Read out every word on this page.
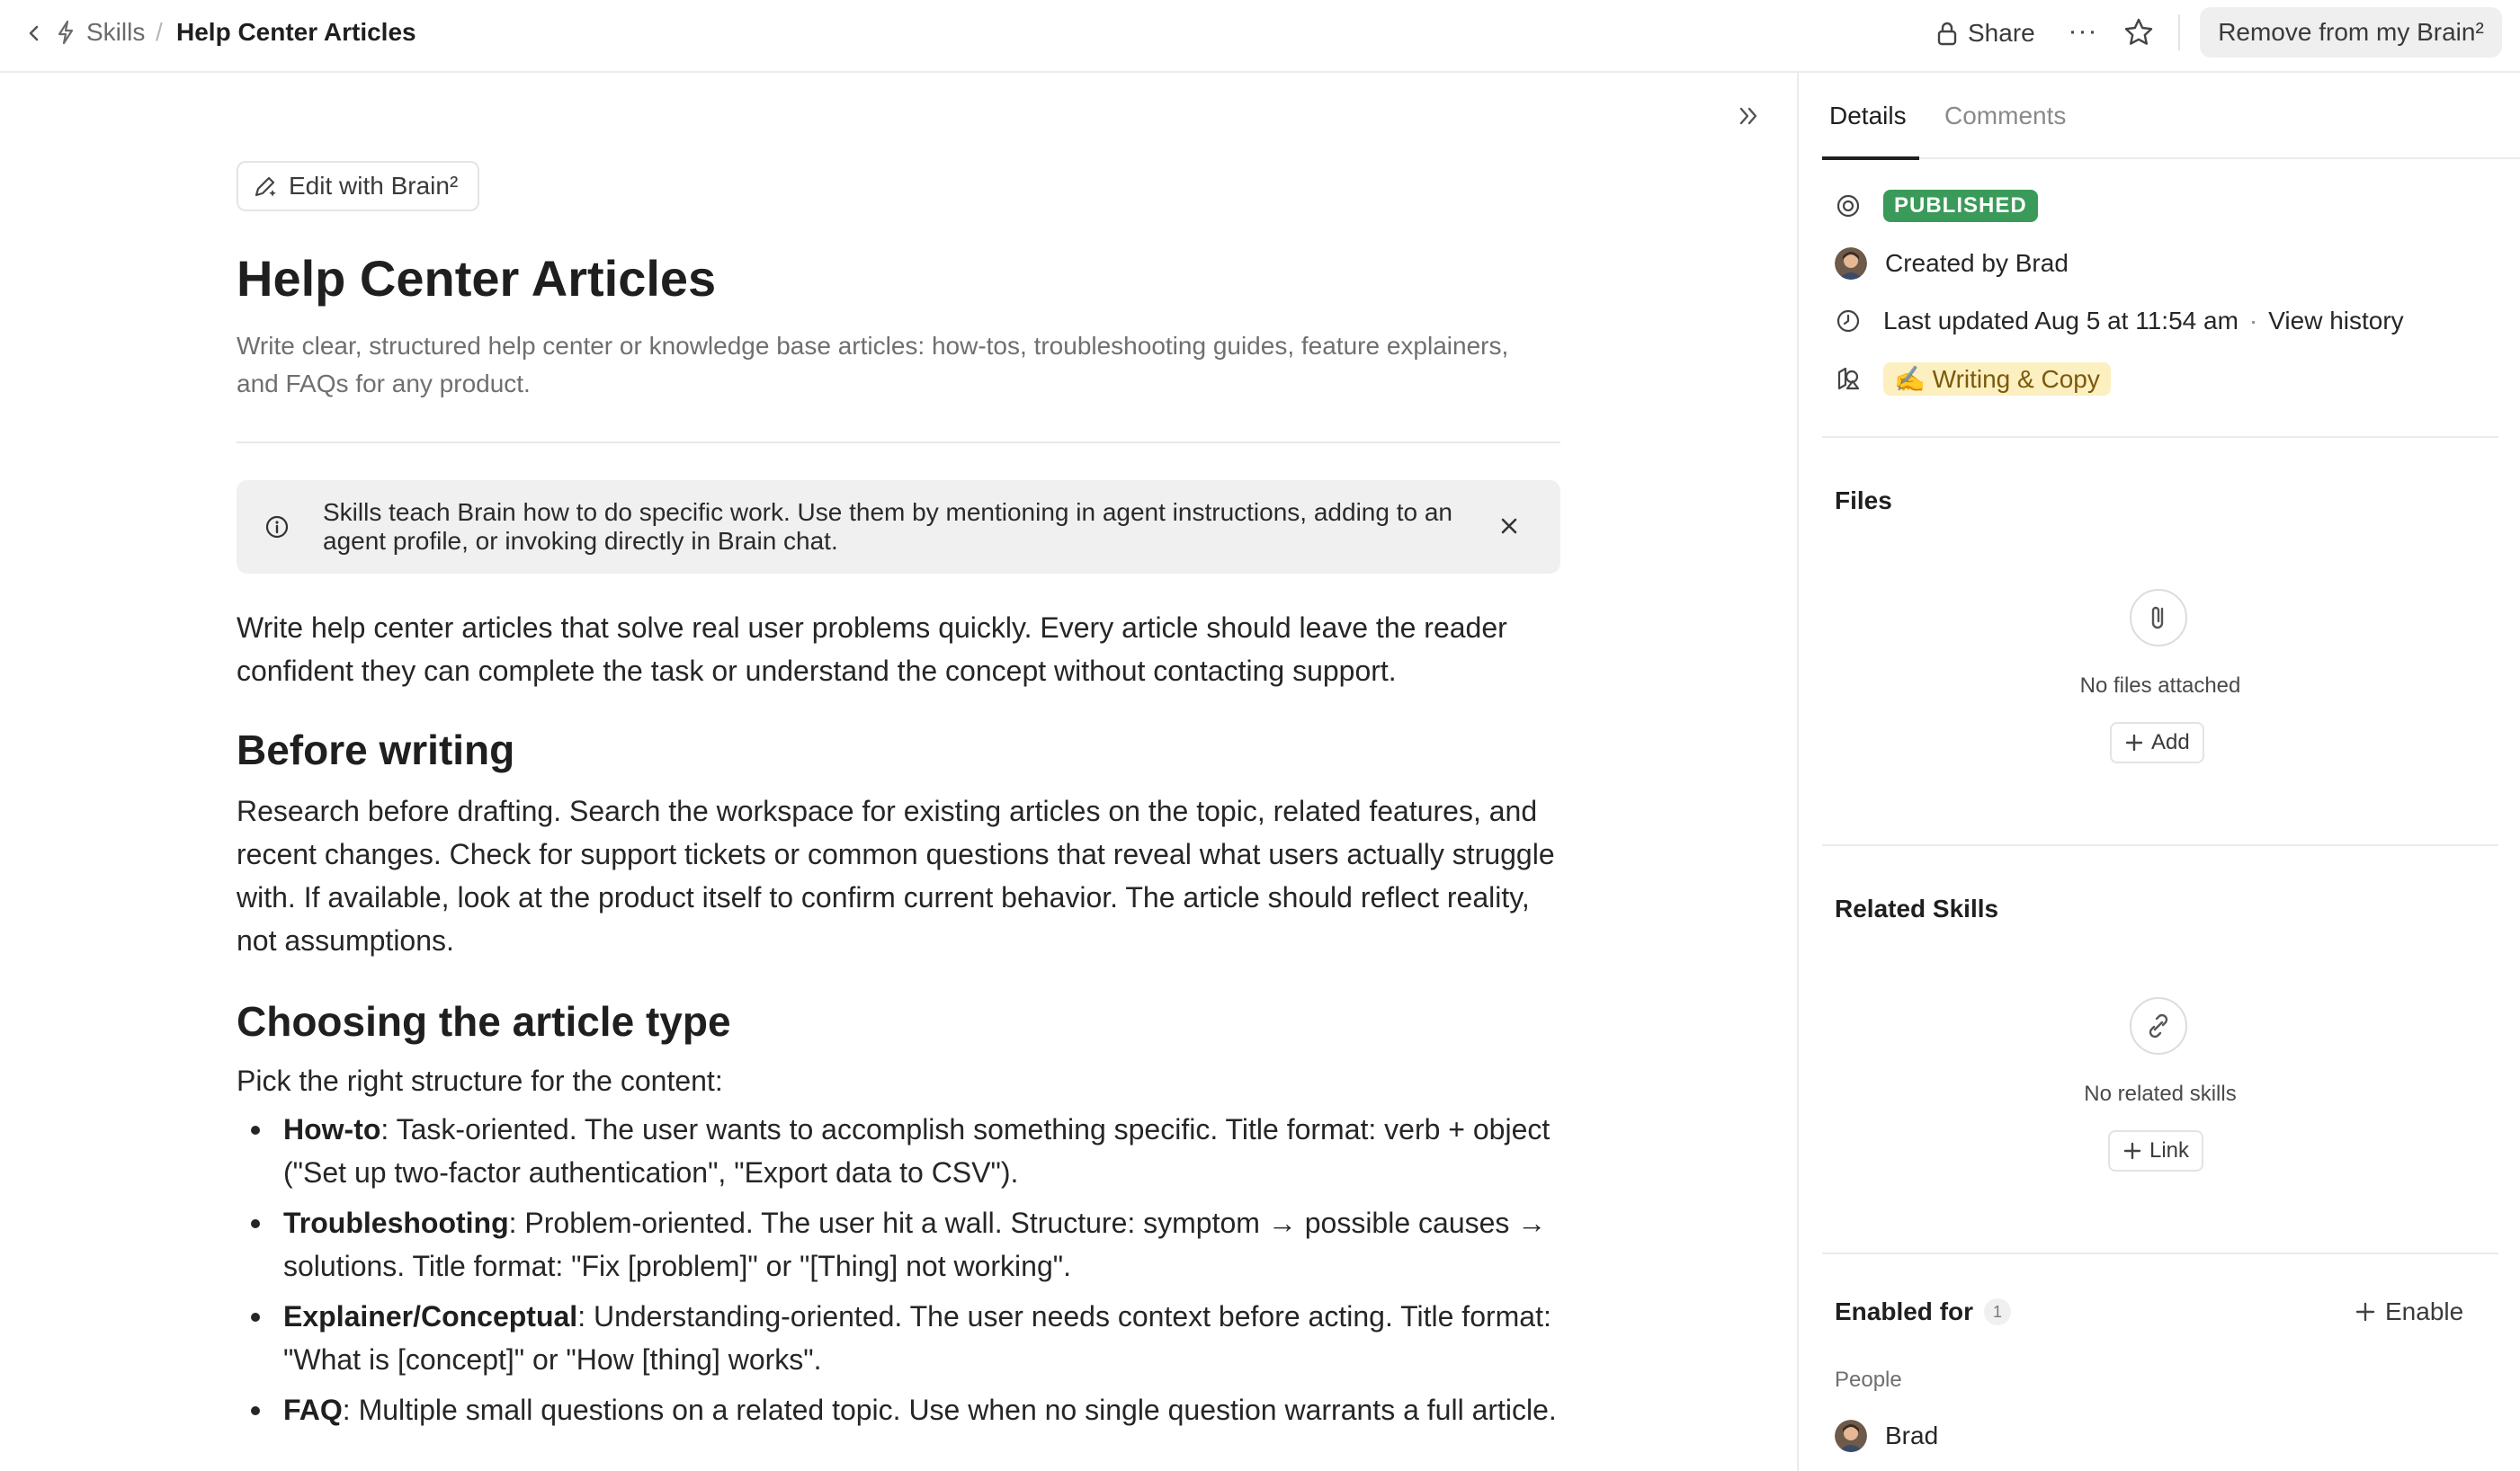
Skills / Help Center Articles	Share ···	Remove from my Brain²
Edit with Brain²
Help Center Articles

Write clear, structured help center or knowledge base articles: how-tos, troubleshooting guides, feature explainers, and FAQs for any product.

Skills teach Brain how to do specific work. Use them by mentioning in agent instructions, adding to an agent profile, or invoking directly in Brain chat.

Write help center articles that solve real user problems quickly. Every article should leave the reader confident they can complete the task or understand the concept without contacting support.

Before writing

Research before drafting. Search the workspace for existing articles on the topic, related features, and recent changes. Check for support tickets or common questions that reveal what users actually struggle with. If available, look at the product itself to confirm current behavior. The article should reflect reality, not assumptions.

Choosing the article type

Pick the right structure for the content:

How-to: Task-oriented. The user wants to accomplish something specific. Title format: verb + object ("Set up two-factor authentication", "Export data to CSV").
Troubleshooting: Problem-oriented. The user hit a wall. Structure: symptom → possible causes → solutions. Title format: "Fix [problem]" or "[Thing] not working".
Explainer/Conceptual: Understanding-oriented. The user needs context before acting. Title format: "What is [concept]" or "How [thing] works".
FAQ: Multiple small questions on a related topic. Use when no single question warrants a full article.
Details Comments
PUBLISHED
Created by Brad
Last updated Aug 5 at 11:54 am · View history
✍️ Writing & Copy
Files

No files attached

Add
Related Skills

No related skills

Link
Enabled for	1	Enable
People
Brad
